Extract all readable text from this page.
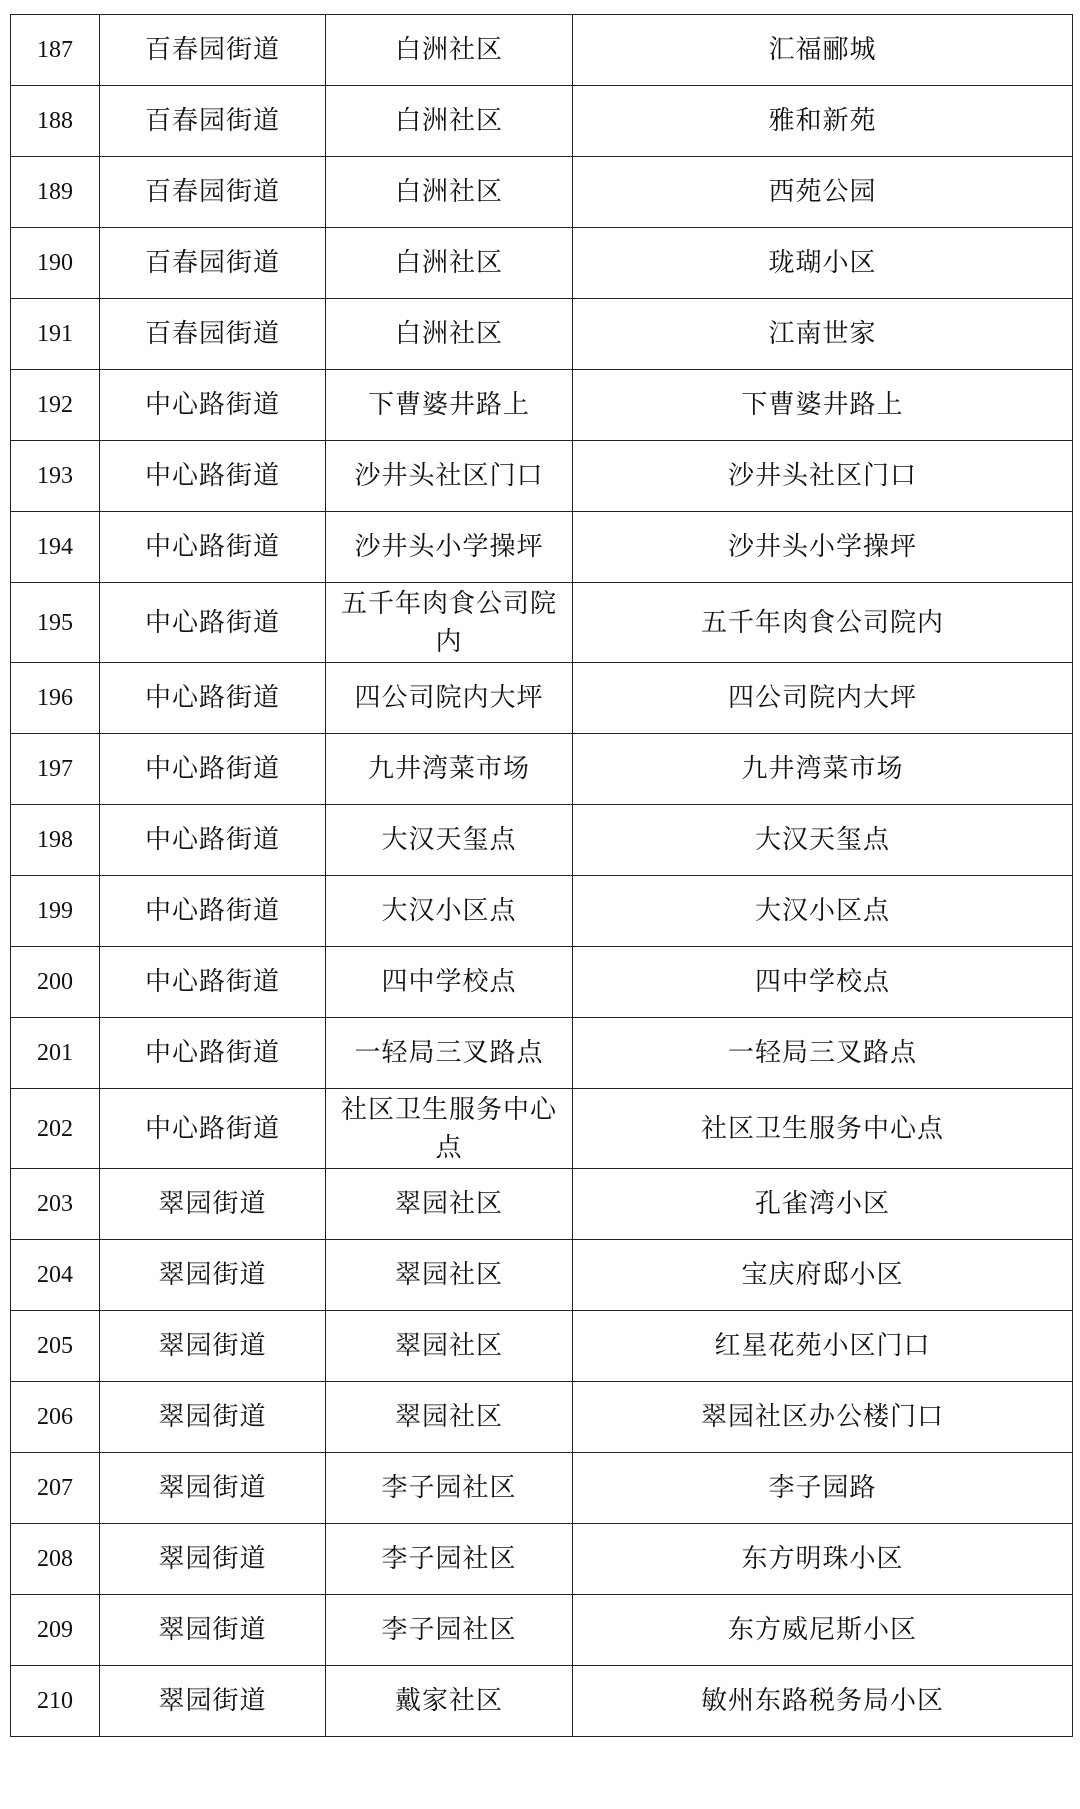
187	百春园街道	白洲社区	汇福郦城
188	百春园街道	白洲社区	雅和新苑
189	百春园街道	白洲社区	西苑公园
190	百春园街道	白洲社区	珑瑚小区
191	百春园街道	白洲社区	江南世家
192	中心路街道	下曹婆井路上	下曹婆井路上
193	中心路街道	沙井头社区门口	沙井头社区门口
194	中心路街道	沙井头小学操坪	沙井头小学操坪
195	中心路街道	五千年肉食公司院内	五千年肉食公司院内
196	中心路街道	四公司院内大坪	四公司院内大坪
197	中心路街道	九井湾菜市场	九井湾菜市场
198	中心路街道	大汉天玺点	大汉天玺点
199	中心路街道	大汉小区点	大汉小区点
200	中心路街道	四中学校点	四中学校点
201	中心路街道	一轻局三叉路点	一轻局三叉路点
202	中心路街道	社区卫生服务中心点	社区卫生服务中心点
203	翠园街道	翠园社区	孔雀湾小区
204	翠园街道	翠园社区	宝庆府邸小区
205	翠园街道	翠园社区	红星花苑小区门口
206	翠园街道	翠园社区	翠园社区办公楼门口
207	翠园街道	李子园社区	李子园路
208	翠园街道	李子园社区	东方明珠小区
209	翠园街道	李子园社区	东方威尼斯小区
210	翠园街道	戴家社区	敏州东路税务局小区
